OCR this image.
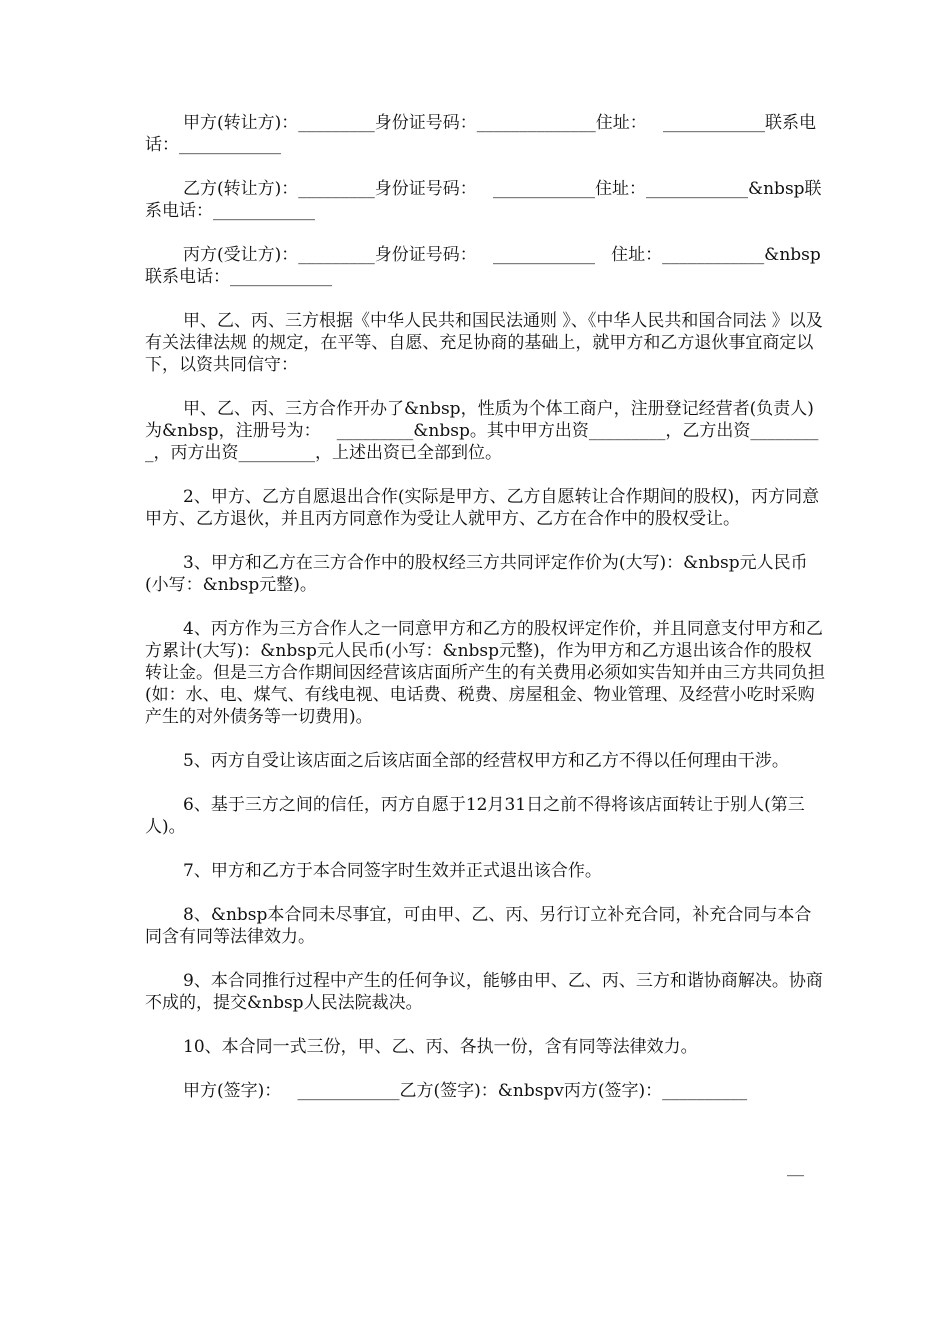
甲方(转让方)：_________身份证号码：______________住址：   ____________联系电话：____________

乙方(转让方)：_________身份证号码：   ____________住址：____________&nbsp联系电话：____________

丙方(受让方)：_________身份证号码：   ____________   住址：____________&nbsp联系电话：____________

甲、乙、丙、三方根据《中华人民共和国民法通则 》、《中华人民共和国合同法 》以及有关法律法规 的规定，在平等、自愿、充足协商的基础上，就甲方和乙方退伙事宜商定以下，以资共同信守：

甲、乙、丙、三方合作开办了&nbsp，性质为个体工商户，注册登记经营者(负责人)为&nbsp，注册号为：   _________&nbsp。其中甲方出资_________，乙方出资_________，丙方出资_________，上述出资已全部到位。

2、甲方、乙方自愿退出合作(实际是甲方、乙方自愿转让合作期间的股权)，丙方同意甲方、乙方退伙，并且丙方同意作为受让人就甲方、乙方在合作中的股权受让。

3、甲方和乙方在三方合作中的股权经三方共同评定作价为(大写)：&nbsp元人民币(小写：&nbsp元整)。

4、丙方作为三方合作人之一同意甲方和乙方的股权评定作价，并且同意支付甲方和乙方累计(大写)：&nbsp元人民币(小写：&nbsp元整)，作为甲方和乙方退出该合作的股权转让金。但是三方合作期间因经营该店面所产生的有关费用必须如实告知并由三方共同负担(如：水、电、煤气、有线电视、电话费、税费、房屋租金、物业管理、及经营小吃时采购产生的对外债务等一切费用)。

5、丙方自受让该店面之后该店面全部的经营权甲方和乙方不得以任何理由干涉。

6、基于三方之间的信任，丙方自愿于12月31日之前不得将该店面转让于别人(第三人)。

7、甲方和乙方于本合同签字时生效并正式退出该合作。

8、&nbsp本合同未尽事宜，可由甲、乙、丙、另行订立补充合同，补充合同与本合同含有同等法律效力。

9、本合同推行过程中产生的任何争议，能够由甲、乙、丙、三方和谐协商解决。协商不成的，提交&nbsp人民法院裁决。

10、本合同一式三份，甲、乙、丙、各执一份，含有同等法律效力。

甲方(签字)：   ____________乙方(签字)：&nbspv丙方(签字)：__________

__
